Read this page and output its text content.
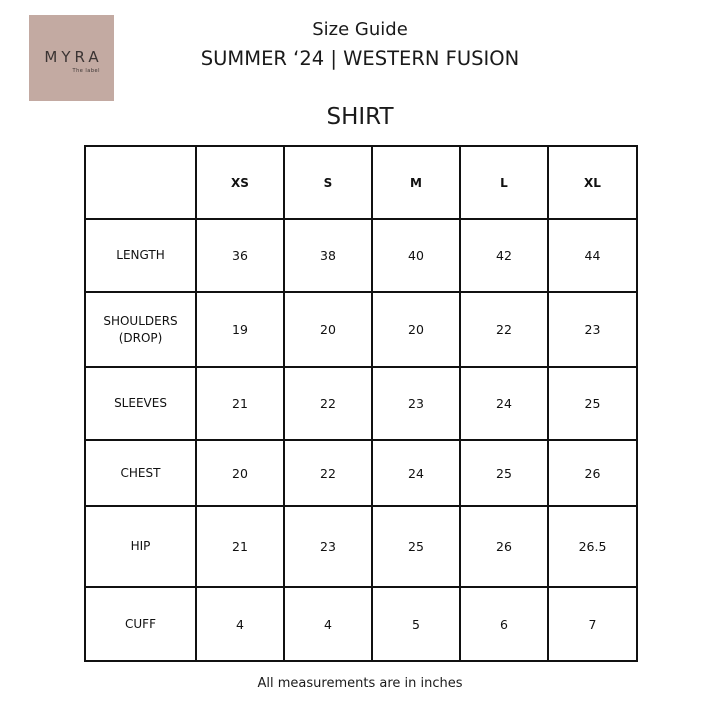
MYRA
The label
Size Guide
SUMMER ‘24 | WESTERN FUSION
SHIRT
	XS	S	M	L	XL
LENGTH	36	38	40	42	44
SHOULDERS
(DROP)	19	20	20	22	23
SLEEVES	21	22	23	24	25
CHEST	20	22	24	25	26
HIP	21	23	25	26	26.5
CUFF	4	4	5	6	7
All measurements are in inches
